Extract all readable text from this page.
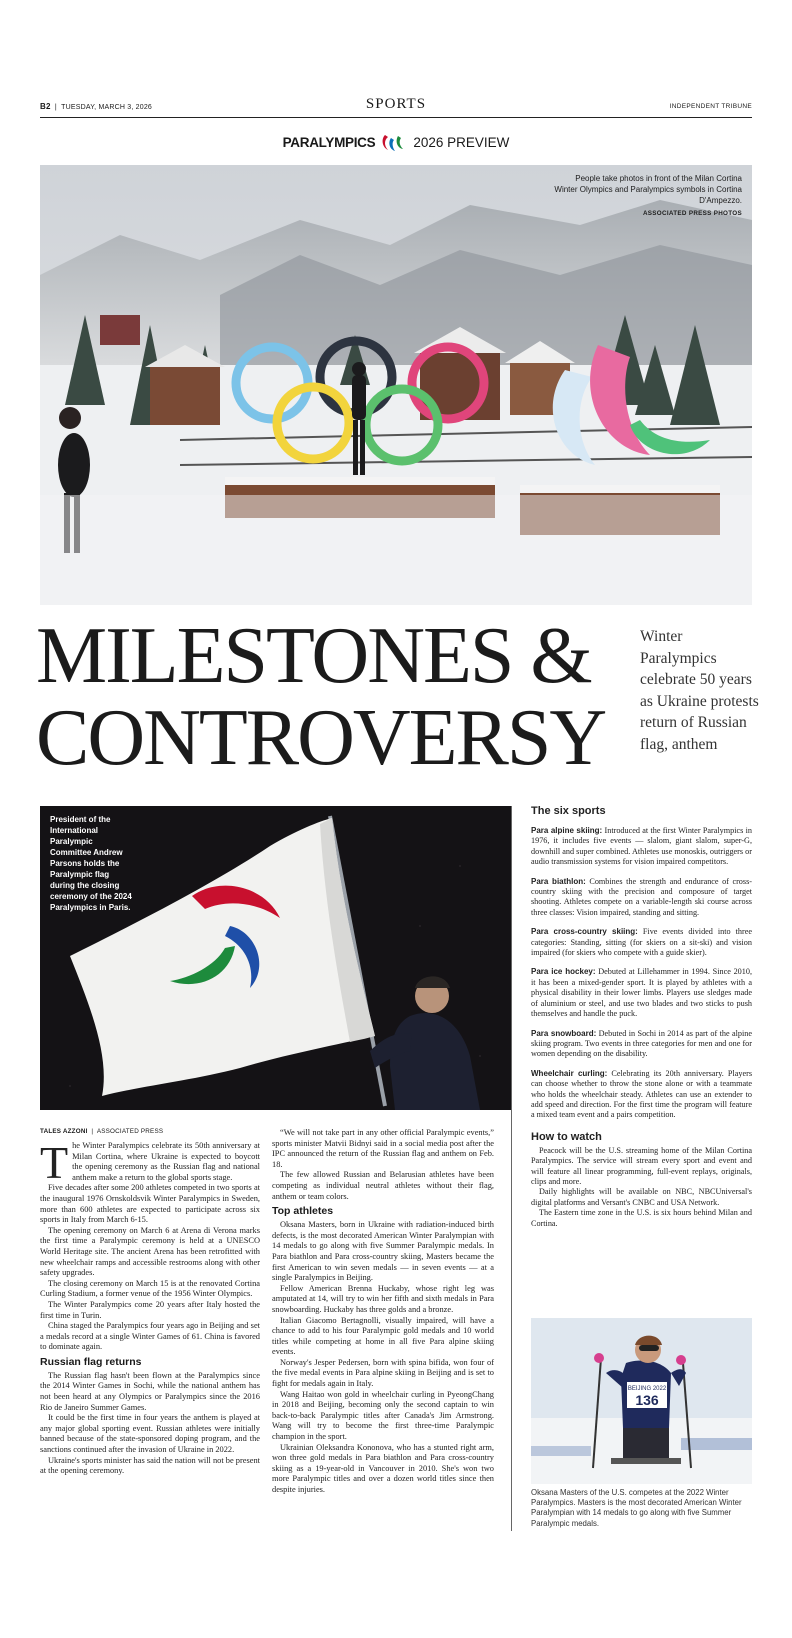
B2  |  TUESDAY, MARCH 3, 2026	SPORTS	INDEPENDENT TRIBUNE
PARALYMPICS	2026 PREVIEW
People take photos in front of the Milan Cortina Winter Olympics and Paralympics symbols in Cortina D'Ampezzo.
ASSOCIATED PRESS PHOTOS
MILESTONES &
CONTROVERSY
Winter Paralympics celebrate 50 years as Ukraine protests return of Russian flag, anthem
President of the International Paralympic Committee Andrew Parsons holds the Paralympic flag during the closing ceremony of the 2024 Paralympics in Paris.
TALES AZZONI  |  ASSOCIATED PRESS
T he Winter Paralympics celebrate its 50th anniversary at Milan Cortina, where Ukraine is expected to boycott the opening ceremony as the Russian flag and national anthem make a return to the global sports stage.

Five decades after some 200 athletes competed in two sports at the inaugural 1976 Ornskoldsvik Winter Paralympics in Sweden, more than 600 athletes are expected to participate across six sports in Italy from March 6-15.

The opening ceremony on March 6 at Arena di Verona marks the first time a Paralympic ceremony is held at a UNESCO World Heritage site. The ancient Arena has been retrofitted with new wheelchair ramps and accessible restrooms along with other safety upgrades.

The closing ceremony on March 15 is at the renovated Cortina Curling Stadium, a former venue of the 1956 Winter Olympics.

The Winter Paralympics come 20 years after Italy hosted the first time in Turin.

China staged the Paralympics four years ago in Beijing and set a medals record at a single Winter Games of 61. China is favored to dominate again.

Russian flag returns

The Russian flag hasn't been flown at the Paralympics since the 2014 Winter Games in Sochi, while the national anthem has not been heard at any Olympics or Paralympics since the 2016 Rio de Janeiro Summer Games.

It could be the first time in four years the anthem is played at any major global sporting event. Russian athletes were initially banned because of the state-sponsored doping program, and the sanctions continued after the invasion of Ukraine in 2022.

Ukraine's sports minister has said the nation will not be present at the opening ceremony.

“We will not take part in any other official Paralympic events,” sports minister Matvii Bidnyi said in a social media post after the IPC announced the return of the Russian flag and anthem on Feb. 18.

The few allowed Russian and Belarusian athletes have been competing as individual neutral athletes without their flag, anthem or team colors.

Top athletes

Oksana Masters, born in Ukraine with radiation-induced birth defects, is the most decorated American Winter Paralympian with 14 medals to go along with five Summer Paralympic medals. In Para biathlon and Para cross-country skiing, Masters became the first American to win seven medals — in seven events — at a single Paralympics in Beijing.

Fellow American Brenna Huckaby, whose right leg was amputated at 14, will try to win her fifth and sixth medals in Para snowboarding. Huckaby has three golds and a bronze.

Italian Giacomo Bertagnolli, visually impaired, will have a chance to add to his four Paralympic gold medals and 10 world titles while competing at home in all five Para alpine skiing events.

Norway's Jesper Pedersen, born with spina bifida, won four of the five medal events in Para alpine skiing in Beijing and is set to fight for medals again in Italy.

Wang Haitao won gold in wheelchair curling in PyeongChang in 2018 and Beijing, becoming only the second captain to win back-to-back Paralympic titles after Canada's Jim Armstrong. Wang will try to become the first three-time Paralympic champion in the sport.

Ukrainian Oleksandra Kononova, who has a stunted right arm, won three gold medals in Para biathlon and Para cross-country skiing as a 19-year-old in Vancouver in 2010. She's won two more Paralympic titles and over a dozen world titles since then despite injuries.

The six sports
Para alpine skiing: Introduced at the first Winter Paralympics in 1976, it includes five events — slalom, giant slalom, super-G, downhill and super combined. Athletes use monoskis, outriggers or audio transmission systems for vision impaired competitors.
Para biathlon: Combines the strength and endurance of cross-country skiing with the precision and composure of target shooting. Athletes compete on a variable-length ski course across three classes: Vision impaired, standing and sitting.
Para cross-country skiing: Five events divided into three categories: Standing, sitting (for skiers on a sit-ski) and vision impaired (for skiers who compete with a guide skier).
Para ice hockey: Debuted at Lillehammer in 1994. Since 2010, it has been a mixed-gender sport. It is played by athletes with a physical disability in their lower limbs. Players use sledges made of aluminium or steel, and use two blades and two sticks to push themselves and handle the puck.
Para snowboard: Debuted in Sochi in 2014 as part of the alpine skiing program. Two events in three categories for men and one for women depending on the disability.
Wheelchair curling: Celebrating its 20th anniversary. Players can choose whether to throw the stone alone or with a teammate who holds the wheelchair steady. Athletes can use an extender to add speed and direction. For the first time the program will feature a mixed team event and a pairs competition.
How to watch

Peacock will be the U.S. streaming home of the Milan Cortina Paralympics. The service will stream every sport and event and will feature all linear programming, full-event replays, originals, clips and more.

Daily highlights will be available on NBC, NBCUniversal's digital platforms and Versant's CNBC and USA Network.

The Eastern time zone in the U.S. is six hours behind Milan and Cortina.

BEIJING 2022
136
Oksana Masters of the U.S. competes at the 2022 Winter Paralympics. Masters is the most decorated American Winter Paralympian with 14 medals to go along with five Summer Paralympic medals.
